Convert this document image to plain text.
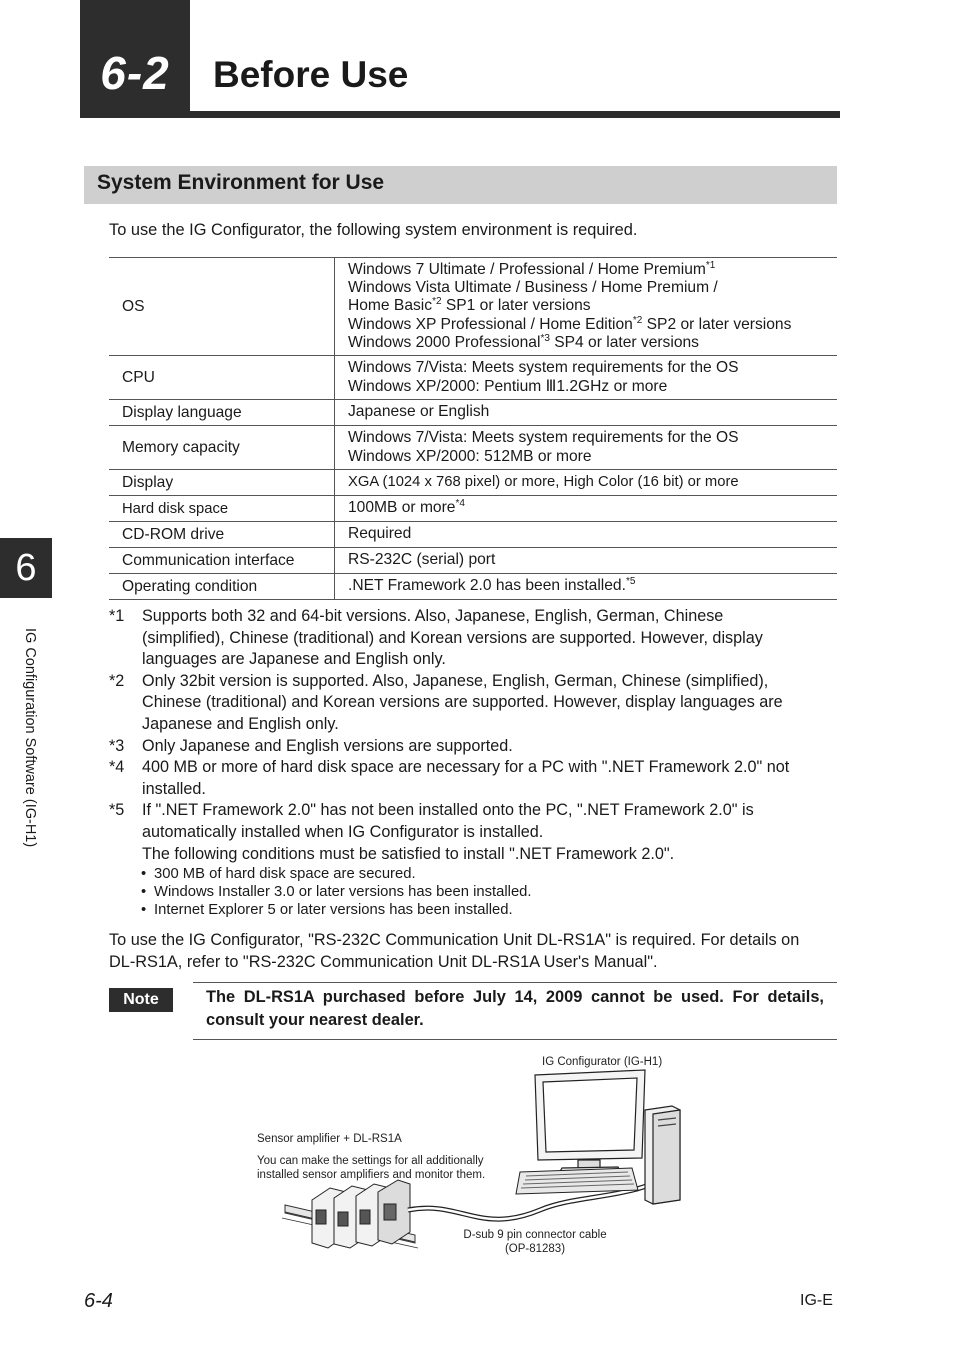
6-2	Before Use
System Environment for Use
To use the IG Configurator, the following system environment is required.
OS	Windows 7 Ultimate / Professional / Home Premium$^{*1}$
Windows Vista Ultimate / Business / Home Premium /
Home Basic$^{*2}$ SP1 or later versions
Windows XP Professional / Home Edition$^{*2}$ SP2 or later versions
Windows 2000 Professional$^{*3}$ SP4 or later versions

CPU	Windows 7/Vista: Meets system requirements for the OS
Windows XP/2000: Pentium Ⅲ1.2GHz or more

Display language	Japanese or English
Memory capacity	Windows 7/Vista: Meets system requirements for the OS
Windows XP/2000: 512MB or more

Display	XGA (1024 x 768 pixel) or more, High Color (16 bit) or more
Hard disk space	100MB or more$^{*4}$
CD-ROM drive	Required
Communication interface	RS-232C (serial) port
Operating condition	.NET Framework 2.0 has been installed.$^{*5}$
*1 Supports both 32 and 64-bit versions. Also, Japanese, English, German, Chinese
(simplified), Chinese (traditional) and Korean versions are supported. However, display
languages are Japanese and English only.
*2 Only 32bit version is supported. Also, Japanese, English, German, Chinese (simplified),
Chinese (traditional) and Korean versions are supported. However, display languages are
Japanese and English only.
*3 Only Japanese and English versions are supported.
*4 400 MB or more of hard disk space are necessary for a PC with ".NET Framework 2.0" not
installed.
*5 If ".NET Framework 2.0" has not been installed onto the PC, ".NET Framework 2.0" is
automatically installed when IG Configurator is installed.
The following conditions must be satisfied to install ".NET Framework 2.0".
• 300 MB of hard disk space are secured.
• Windows Installer 3.0 or later versions has been installed.
• Internet Explorer 5 or later versions has been installed.
To use the IG Configurator, "RS-232C Communication Unit DL-RS1A" is required. For details on
DL-RS1A, refer to "RS-232C Communication Unit DL-RS1A User's Manual".
Note	The DL-RS1A purchased before July 14, 2009 cannot be used. For details, consult your nearest dealer.
IG Configurator (IG-H1)
Sensor amplifier + DL-RS1A
You can make the settings for all additionally
installed sensor amplifiers and monitor them.
D-sub 9 pin connector cable
(OP-81283)
6
IG Configuration Software (IG-H1)
6-4	IG-E
